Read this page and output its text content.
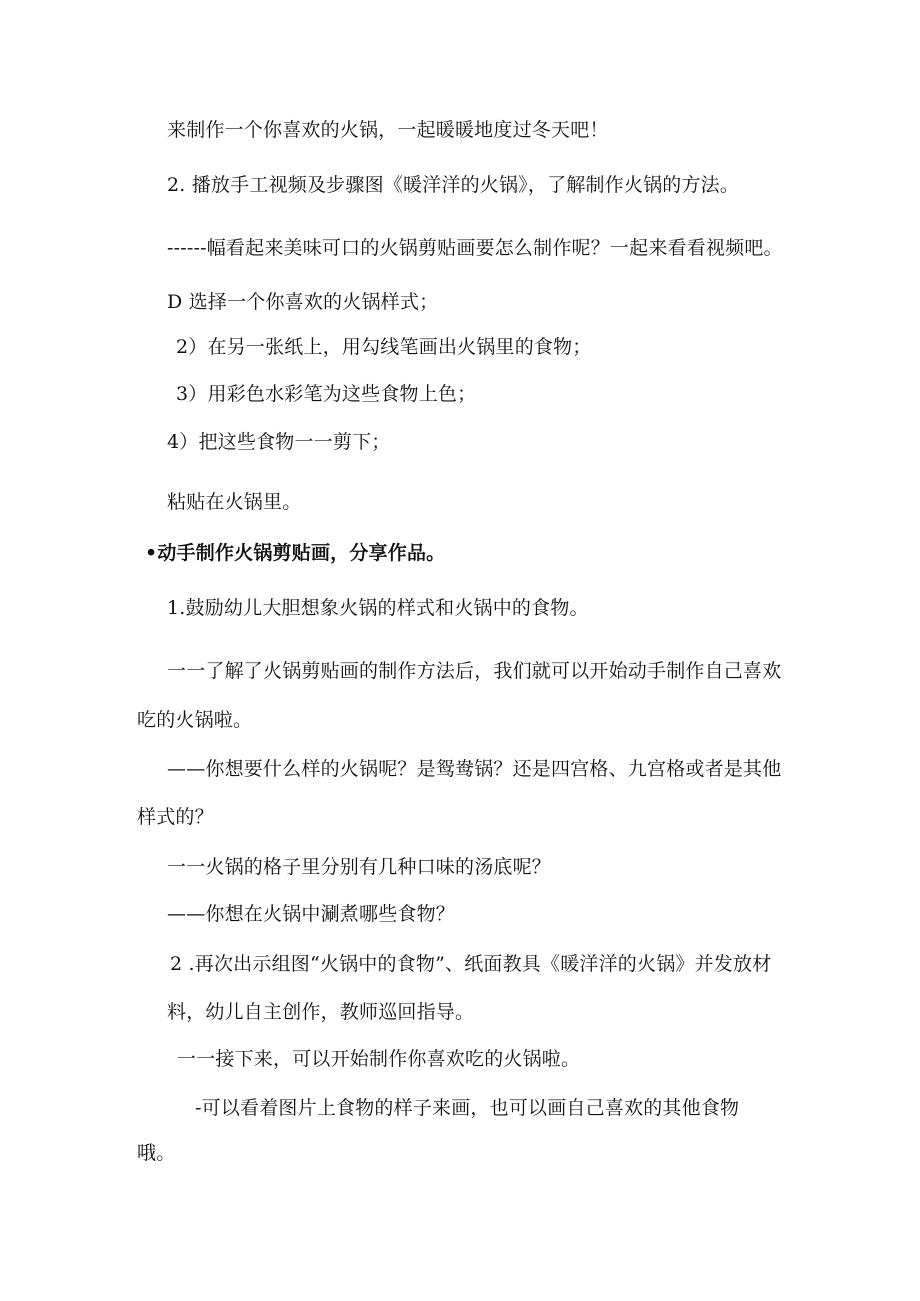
来制作一个你喜欢的火锅，一起暖暖地度过冬天吧！
2. 播放手工视频及步骤图《暖洋洋的火锅》，了解制作火锅的方法。
------幅看起来美味可口的火锅剪贴画要怎么制作呢？一起来看看视频吧。
D 选择一个你喜欢的火锅样式；
2）在另一张纸上，用勾线笔画出火锅里的食物；
3）用彩色水彩笔为这些食物上色；
4）把这些食物一一剪下；
粘贴在火锅里。
•动手制作火锅剪贴画，分享作品。
1.鼓励幼儿大胆想象火锅的样式和火锅中的食物。
一一了解了火锅剪贴画的制作方法后，我们就可以开始动手制作自己喜欢
吃的火锅啦。
——你想要什么样的火锅呢？是鸳鸯锅？还是四宫格、九宫格或者是其他
样式的？
一一火锅的格子里分别有几种口味的汤底呢？
——你想在火锅中涮煮哪些食物？
2 .再次出示组图“火锅中的食物”、纸面教具《暖洋洋的火锅》并发放材
料，幼儿自主创作，教师巡回指导。
一一接下来，可以开始制作你喜欢吃的火锅啦。
-可以看着图片上食物的样子来画，也可以画自己喜欢的其他食物
哦。
